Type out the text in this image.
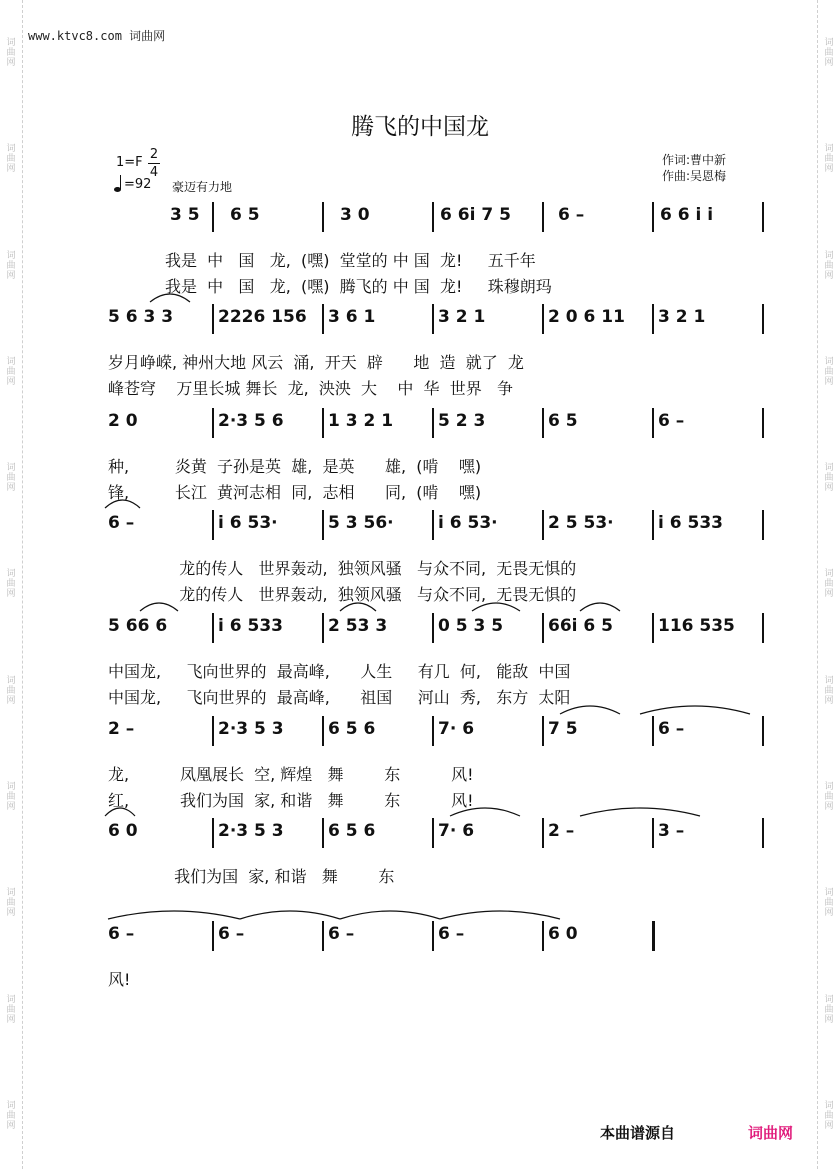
词
曲
网
词
曲
网
词
曲
网
词
曲
网
词
曲
网
词
曲
网
词
曲
网
词
曲
网
词
曲
网
词
曲
网
词
曲
网
词
曲
网
词
曲
网
词
曲
网
词
曲
网
词
曲
网
词
曲
网
词
曲
网
词
曲
网
词
曲
网
词
曲
网
词
曲
网
www.ktvc8.com 词曲网
腾飞的中国龙
1=F
2
4
=92 豪迈有力地
作词:曹中新
作曲:吴恩梅
3 5 6 5	3 0	6 6i 7 5	6 –	6 6 i i
我是  中   国   龙,  (嘿)  堂堂的 中 国  龙!     五千年
我是  中   国   龙,  (嘿)  腾飞的 中 国  龙!     珠穆朗玛
5 6 3 3	2226 156 3 6 1	3 2 1	2 0 6 11 3 2 1
岁月峥嵘, 神州大地 风云  涌,  开天  辟      地  造  就了  龙
峰苍穹    万里长城 舞长  龙,  泱泱  大    中  华  世界   争
2 0	2·3 5 6	1 3 2 1	5 2 3	6 5	6 –
种,         炎黄  子孙是英  雄,  是英      雄,  (啃    嘿)
锋,         长江  黄河志相  同,  志相      同,  (啃    嘿)
6 –	i 6 53·	5 3 56·	i 6 53·	2 5 53·	i 6 533
龙的传人   世界轰动,  独领风骚   与众不同,  无畏无惧的
龙的传人   世界轰动,  独领风骚   与众不同,  无畏无惧的
5 66 6	i 6 533	2 53 3	0 5 3 5	66i 6 5	116 535
中国龙,     飞向世界的  最高峰,      人生     有几  何,   能敌  中国
中国龙,     飞向世界的  最高峰,      祖国     河山  秀,   东方  太阳
2 –	2·3 5 3	6 5 6	7· 6	7 5	6 –
龙,          凤凰展长  空, 辉煌   舞        东          风!
红,          我们为国  家, 和谐   舞        东          风!
6 0	2·3 5 3	6 5 6	7· 6	2 –	3 –
我们为国  家, 和谐   舞        东
6 –	6 –	6 –	6 –	6 0
风!
本曲谱源自	词曲网
